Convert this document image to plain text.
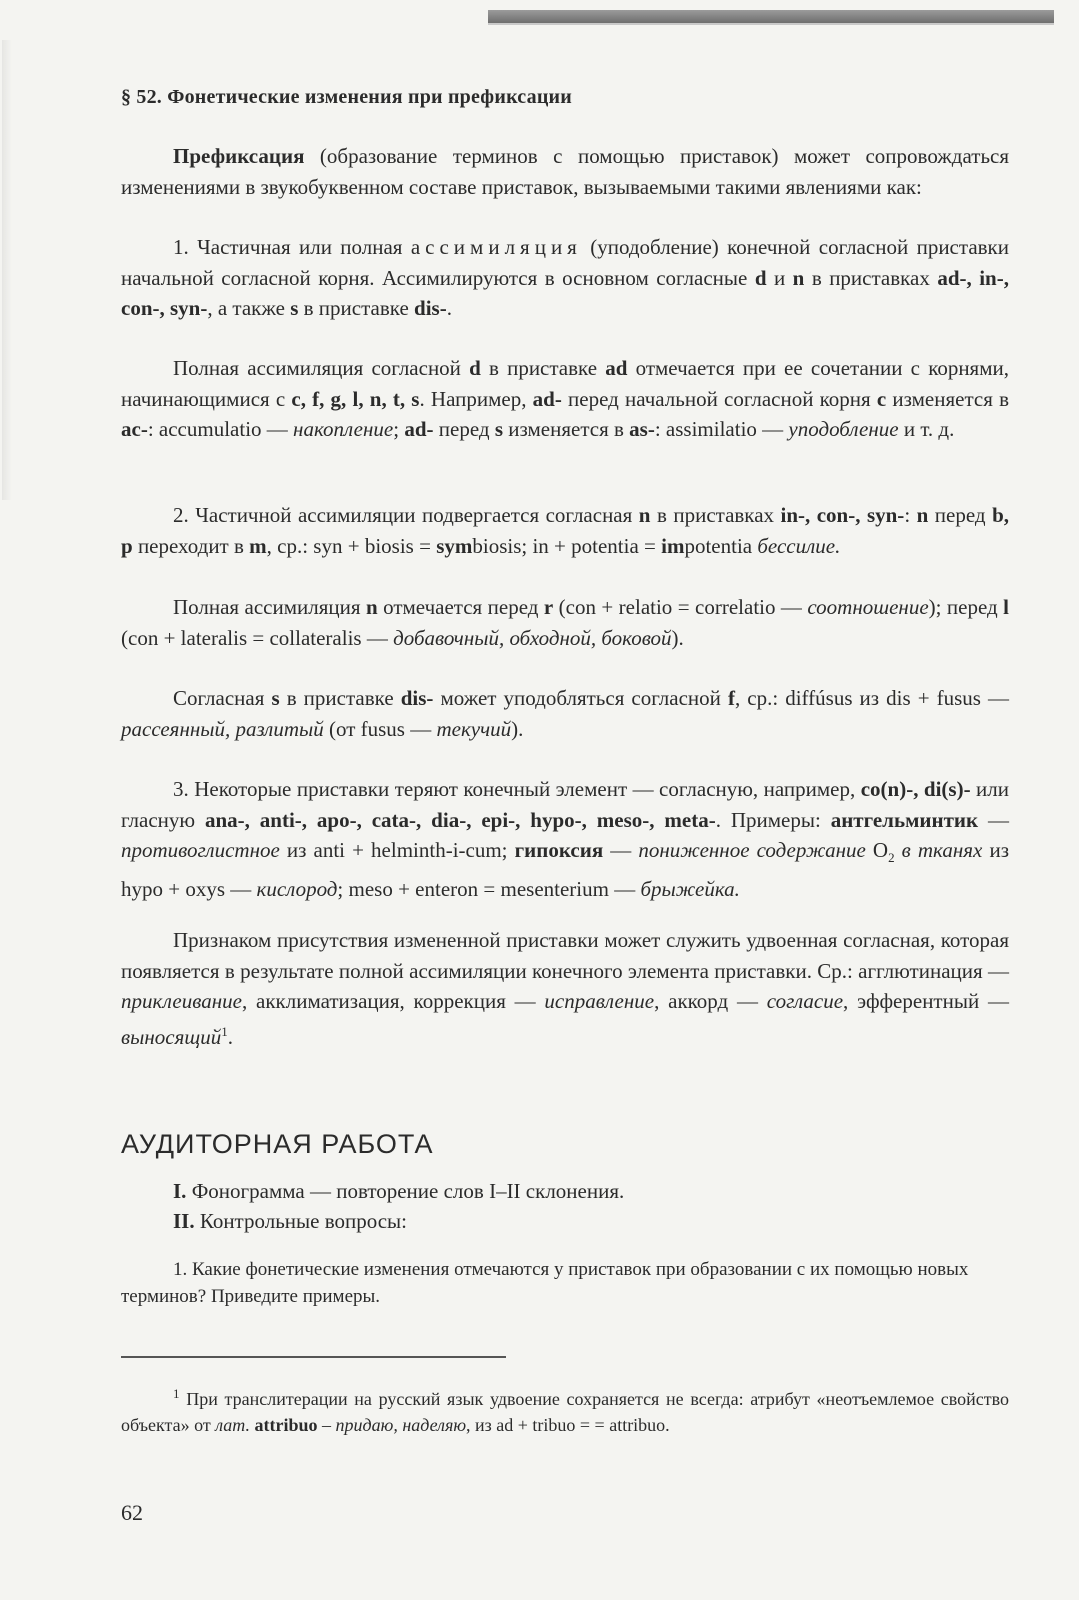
§ 52. Фонетические изменения при префиксации
Префиксация (образование терминов с помощью приставок) может сопровождаться изменениями в звукобуквенном составе приставок, вызываемыми такими явлениями как:
1. Частичная или полная ассимиляция (уподобление) конечной согласной приставки начальной согласной корня. Ассимилируются в основном согласные d и n в приставках ad-, in-, con-, syn-, а также s в приставке dis-.
Полная ассимиляция согласной d в приставке ad отмечается при ее сочетании с корнями, начинающимися с c, f, g, l, n, t, s. Например, ad- перед начальной согласной корня c изменяется в ac-: accumulatio — накопление; ad- перед s изменяется в as-: assimilatio — уподобление и т. д.
2. Частичной ассимиляции подвергается согласная n в приставках in-, con-, syn-: n перед b, p переходит в m, ср.: syn + biosis = symbiosis; in + potentia = impotentia бессилие.
Полная ассимиляция n отмечается перед r (con + relatio = correlatio — соотношение); перед l (con + lateralis = collateralis — добавочный, обходной, боковой).
Согласная s в приставке dis- может уподобляться согласной f, ср.: diffúsus из dis + fusus — рассеянный, разлитый (от fusus — текучий).
3. Некоторые приставки теряют конечный элемент — согласную, например, co(n)-, di(s)- или гласную ana-, anti-, apo-, cata-, dia-, epi-, hypo-, meso-, meta-. Примеры: антгельминтик — противоглистное из anti + helminth-i-cum; гипоксия — пониженное содержание $O_2$ в тканях из hypo + oxys — кислород; meso + enteron = mesenterium — брыжейка.
Признаком присутствия измененной приставки может служить удвоенная согласная, которая появляется в результате полной ассимиляции конечного элемента приставки. Ср.: агглютинация — приклеивание, акклиматизация, коррекция — исправление, аккорд — согласие, эфферентный — выносящий$^1$.
АУДИТОРНАЯ РАБОТА
I. Фонограмма — повторение слов I–II склонения.
II. Контрольные вопросы:
1. Какие фонетические изменения отмечаются у приставок при образовании с их помощью новых терминов? Приведите примеры.
$^1$ При транслитерации на русский язык удвоение сохраняется не всегда: атрибут «неотъемлемое свойство объекта» от лат. attribuo – придаю, наделяю, из ad + tribuo = = attribuo.
62
